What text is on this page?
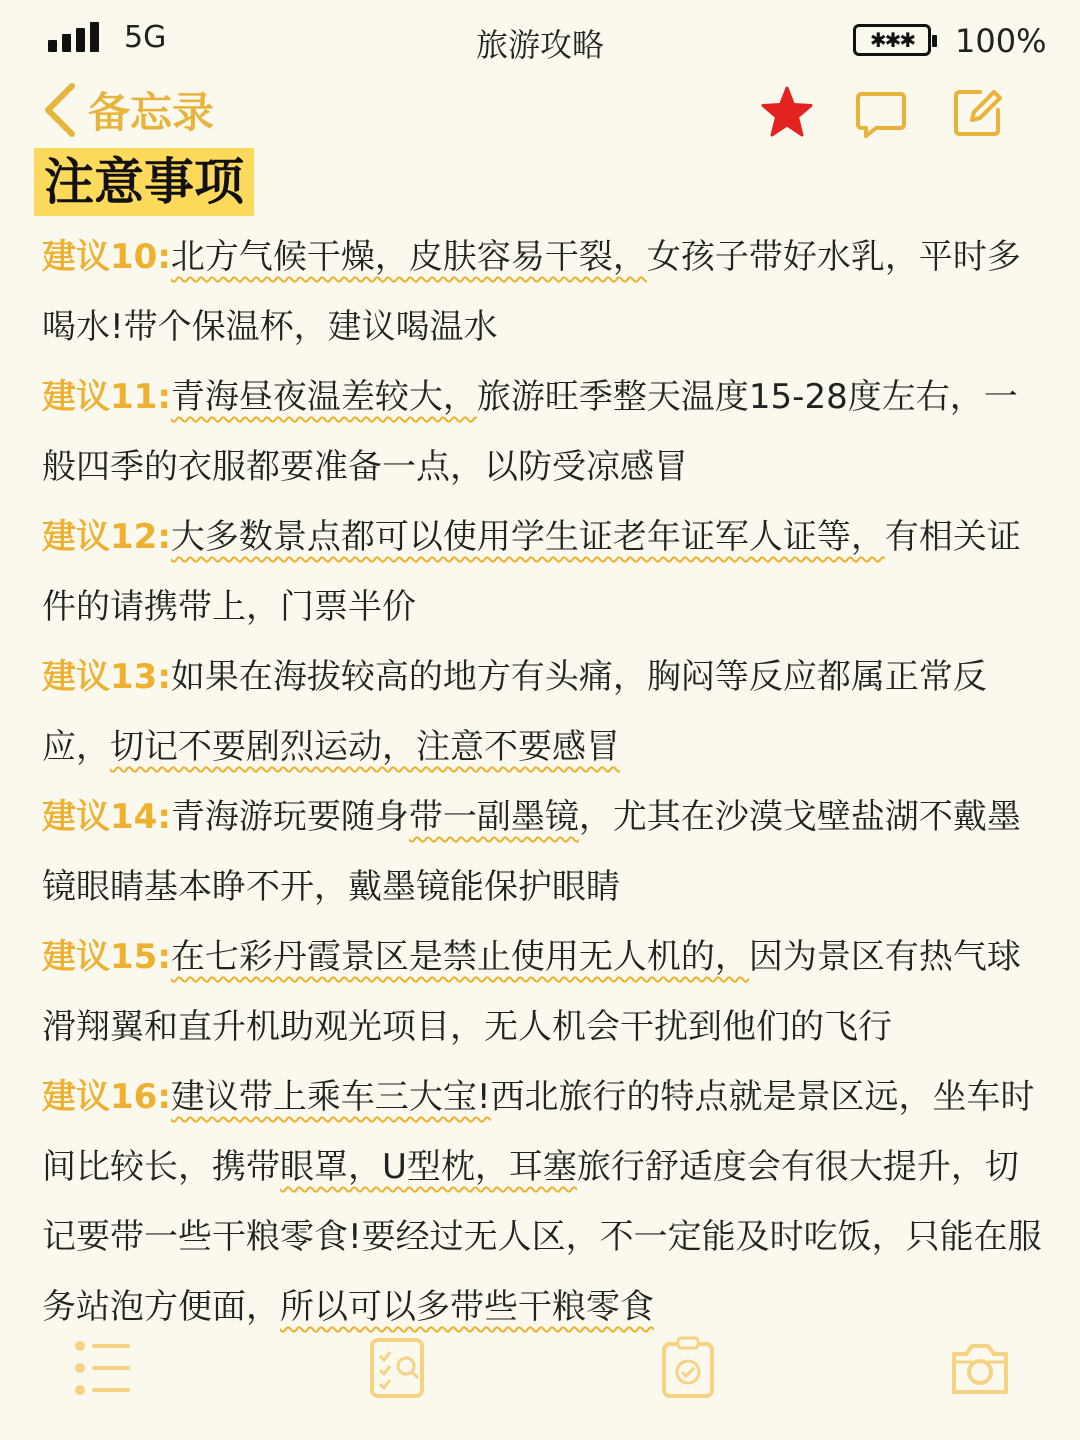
5G	旅游攻略	✱✱✱	100%
备忘录
注意事项
建议10:北方气候干燥，皮肤容易干裂，女孩子带好水乳，平时多喝水!带个保温杯，建议喝温水
建议11:青海昼夜温差较大，旅游旺季整天温度15-28度左右，一般四季的衣服都要准备一点，以防受凉感冒
建议12:大多数景点都可以使用学生证老年证军人证等，有相关证件的请携带上，门票半价
建议13:如果在海拔较高的地方有头痛，胸闷等反应都属正常反应，切记不要剧烈运动，注意不要感冒
建议14:青海游玩要随身带一副墨镜，尤其在沙漠戈壁盐湖不戴墨镜眼睛基本睁不开，戴墨镜能保护眼睛
建议15:在七彩丹霞景区是禁止使用无人机的，因为景区有热气球滑翔翼和直升机助观光项目，无人机会干扰到他们的飞行
建议16:建议带上乘车三大宝!西北旅行的特点就是景区远，坐车时间比较长，携带眼罩，U型枕，耳塞旅行舒适度会有很大提升，切记要带一些干粮零食!要经过无人区，不一定能及时吃饭，只能在服务站泡方便面，所以可以多带些干粮零食
